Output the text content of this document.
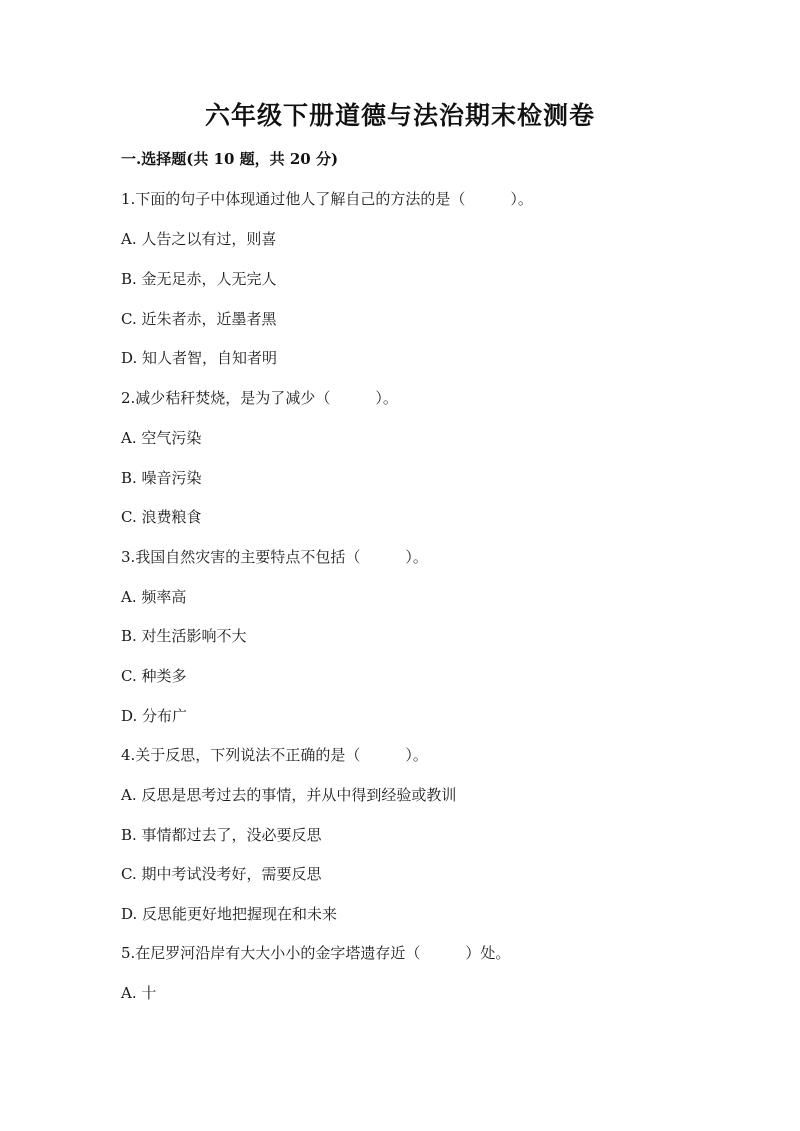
六年级下册道德与法治期末检测卷
一.选择题(共 10 题，共 20 分)
1.下面的句子中体现通过他人了解自己的方法的是（　　　）。
A. 人告之以有过，则喜
B. 金无足赤，人无完人
C. 近朱者赤，近墨者黑
D. 知人者智，自知者明
2.减少秸秆焚烧，是为了减少（　　　）。
A. 空气污染
B. 噪音污染
C. 浪费粮食
3.我国自然灾害的主要特点不包括（　　　）。
A. 频率高
B. 对生活影响不大
C. 种类多
D. 分布广
4.关于反思，下列说法不正确的是（　　　）。
A. 反思是思考过去的事情，并从中得到经验或教训
B. 事情都过去了，没必要反思
C. 期中考试没考好，需要反思
D. 反思能更好地把握现在和未来
5.在尼罗河沿岸有大大小小的金字塔遗存近（　　　）处。
A. 十
